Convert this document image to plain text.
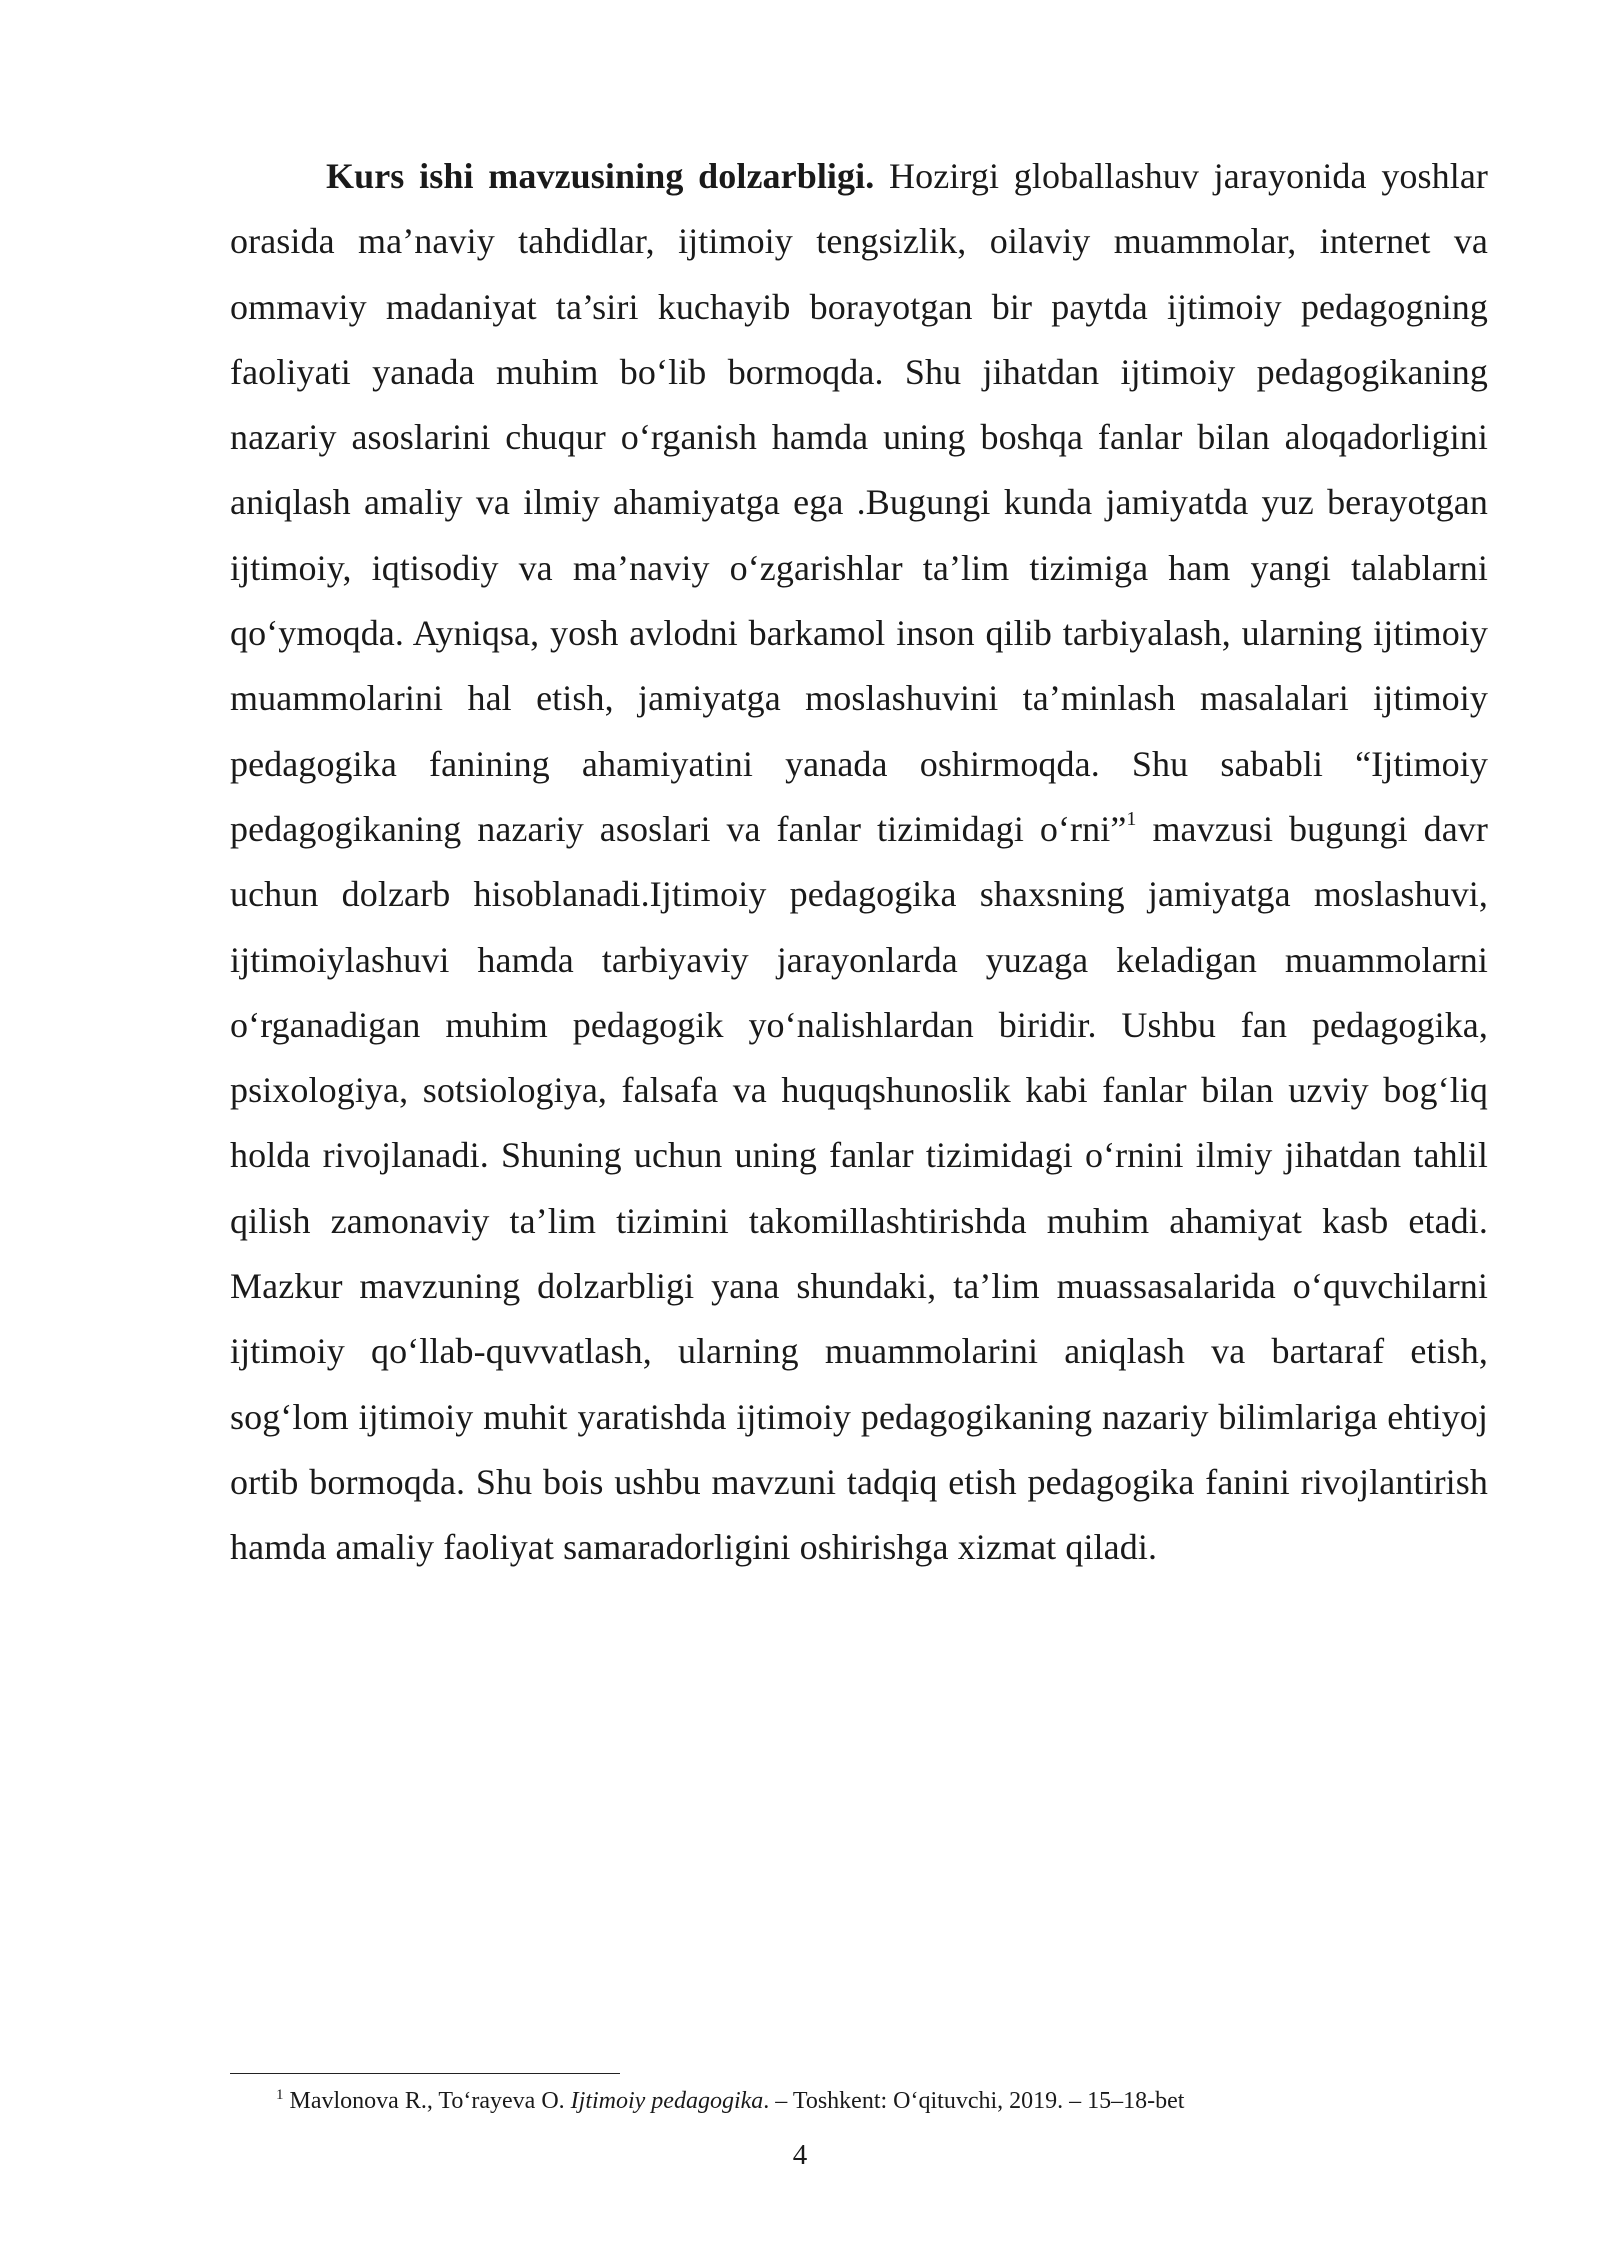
Kurs ishi mavzusining dolzarbligi. Hozirgi globallashuv jarayonida yoshlar orasida ma’naviy tahdidlar, ijtimoiy tengsizlik, oilaviy muammolar, internet va ommaviy madaniyat ta’siri kuchayib borayotgan bir paytda ijtimoiy pedagogning faoliyati yanada muhim bo‘lib bormoqda. Shu jihatdan ijtimoiy pedagogikaning nazariy asoslarini chuqur o‘rganish hamda uning boshqa fanlar bilan aloqadorligini aniqlash amaliy va ilmiy ahamiyatga ega .Bugungi kunda jamiyatda yuz berayotgan ijtimoiy, iqtisodiy va ma’naviy o‘zgarishlar ta’lim tizimiga ham yangi talablarni qo‘ymoqda. Ayniqsa, yosh avlodni barkamol inson qilib tarbiyalash, ularning ijtimoiy muammolarini hal etish, jamiyatga moslashuvini ta’minlash masalalari ijtimoiy pedagogika fanining ahamiyatini yanada oshirmoqda. Shu sababli “Ijtimoiy pedagogikaning nazariy asoslari va fanlar tizimidagi o‘rni”$^1$ mavzusi bugungi davr uchun dolzarb hisoblanadi.Ijtimoiy pedagogika shaxsning jamiyatga moslashuvi, ijtimoiylashuvi hamda tarbiyaviy jarayonlarda yuzaga keladigan muammolarni o‘rganadigan muhim pedagogik yo‘nalishlardan biridir. Ushbu fan pedagogika, psixologiya, sotsiologiya, falsafa va huquqshunoslik kabi fanlar bilan uzviy bog‘liq holda rivojlanadi. Shuning uchun uning fanlar tizimidagi o‘rnini ilmiy jihatdan tahlil qilish zamonaviy ta’lim tizimini takomillashtirishda muhim ahamiyat kasb etadi. Mazkur mavzuning dolzarbligi yana shundaki, ta’lim muassasalarida o‘quvchilarni ijtimoiy qo‘llab-quvvatlash, ularning muammolarini aniqlash va bartaraf etish, sog‘lom ijtimoiy muhit yaratishda ijtimoiy pedagogikaning nazariy bilimlariga ehtiyoj ortib bormoqda. Shu bois ushbu mavzuni tadqiq etish pedagogika fanini rivojlantirish hamda amaliy faoliyat samaradorligini oshirishga xizmat qiladi.

$^1$ Mavlonova R., To‘rayeva O. Ijtimoiy pedagogika. – Toshkent: O‘qituvchi, 2019. – 15–18-bet
4
